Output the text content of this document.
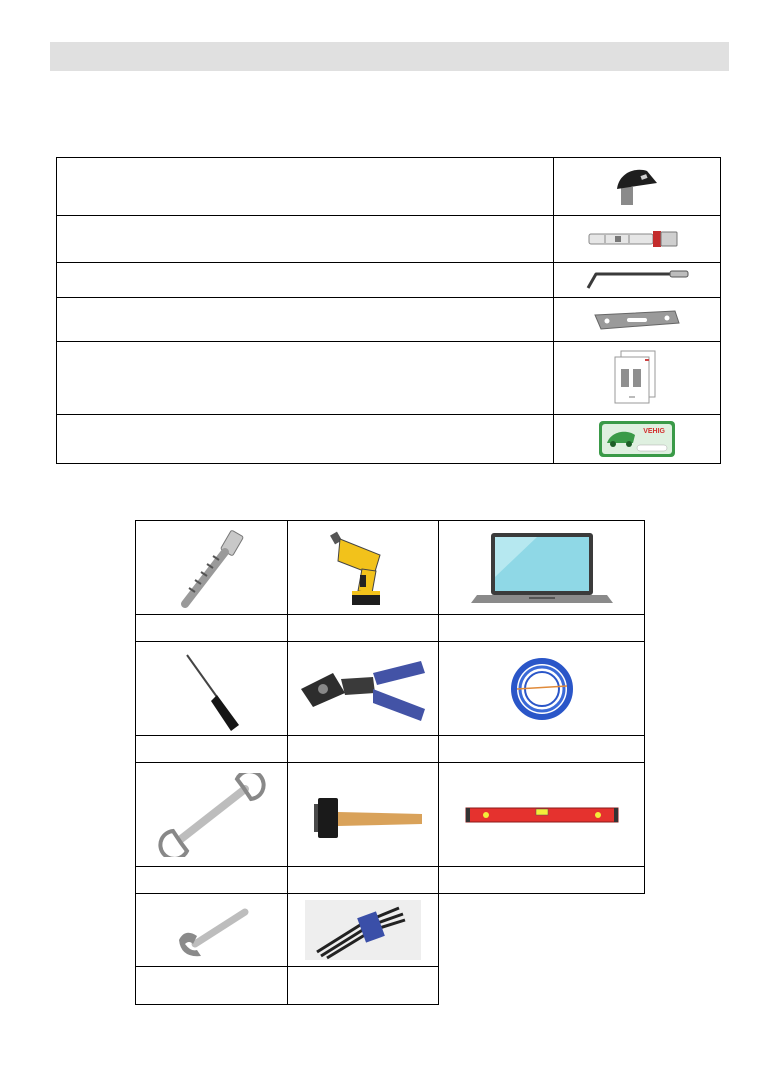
VEHIG
